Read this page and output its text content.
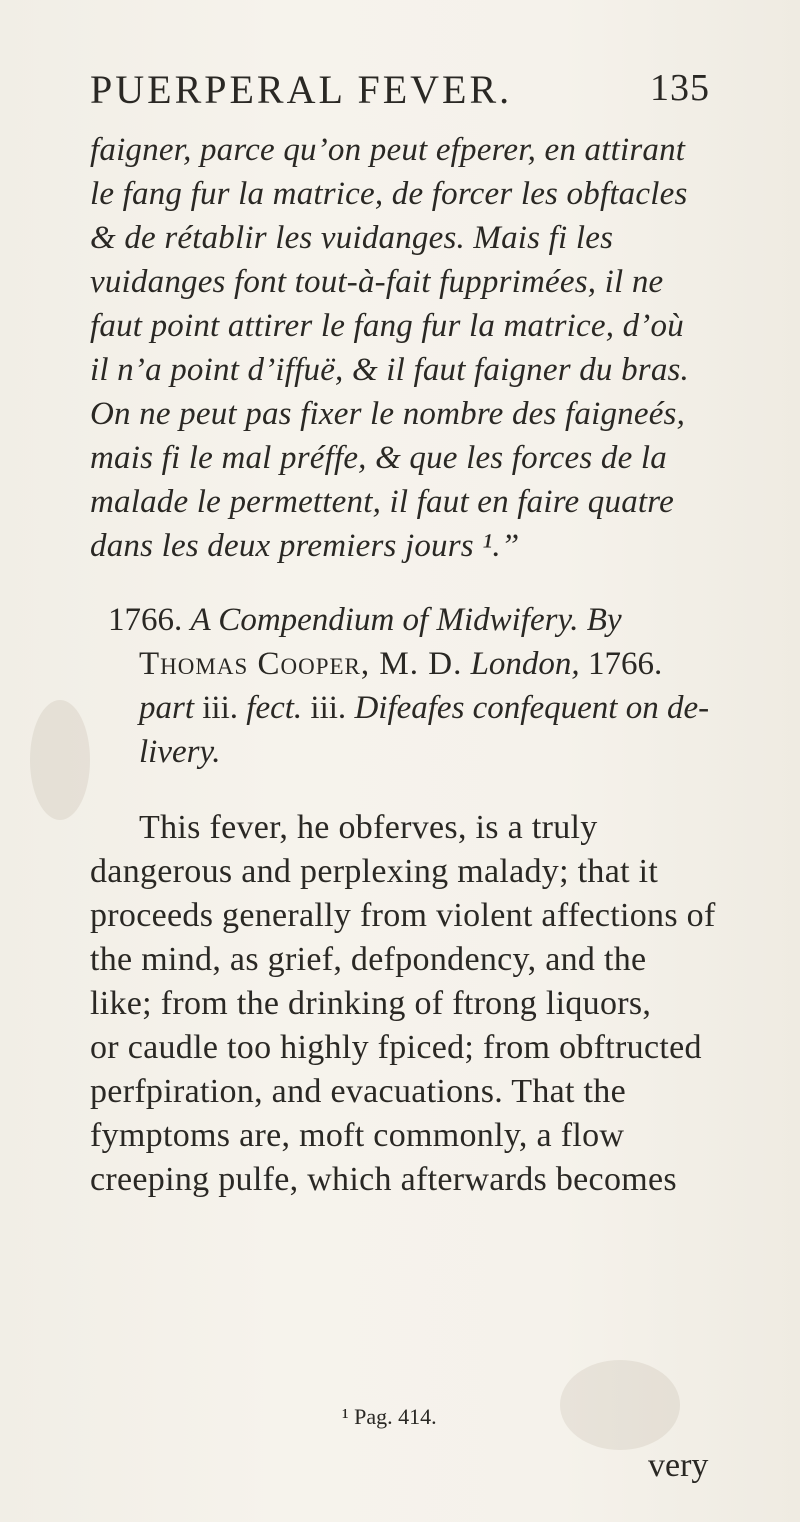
PUERPERAL FEVER.	135
faigner, parce qu’on peut efperer, en attirant
le fang fur la matrice, de forcer les obftacles
& de rétablir les vuidanges. Mais fi les
vuidanges font tout-à-fait fupprimées, il ne
faut point attirer le fang fur la matrice, d’où
il n’a point d’iffuë, & il faut faigner du bras.
On ne peut pas fixer le nombre des faigneés,
mais fi le mal préffe, & que les forces de la
malade le permettent, il faut en faire quatre
dans les deux premiers jours ¹.”
1766. A Compendium of Midwifery. By
Thomas Cooper, M. D. London, 1766.
part iii. fect. iii. Difeafes confequent on de-
livery.
This fever, he obferves, is a truly
dangerous and perplexing malady; that it
proceeds generally from violent affections of
the mind, as grief, defpondency, and the
like; from the drinking of ftrong liquors,
or caudle too highly fpiced; from obftructed
perfpiration, and evacuations. That the
fymptoms are, moft commonly, a flow
creeping pulfe, which afterwards becomes
¹ Pag. 414.
very
